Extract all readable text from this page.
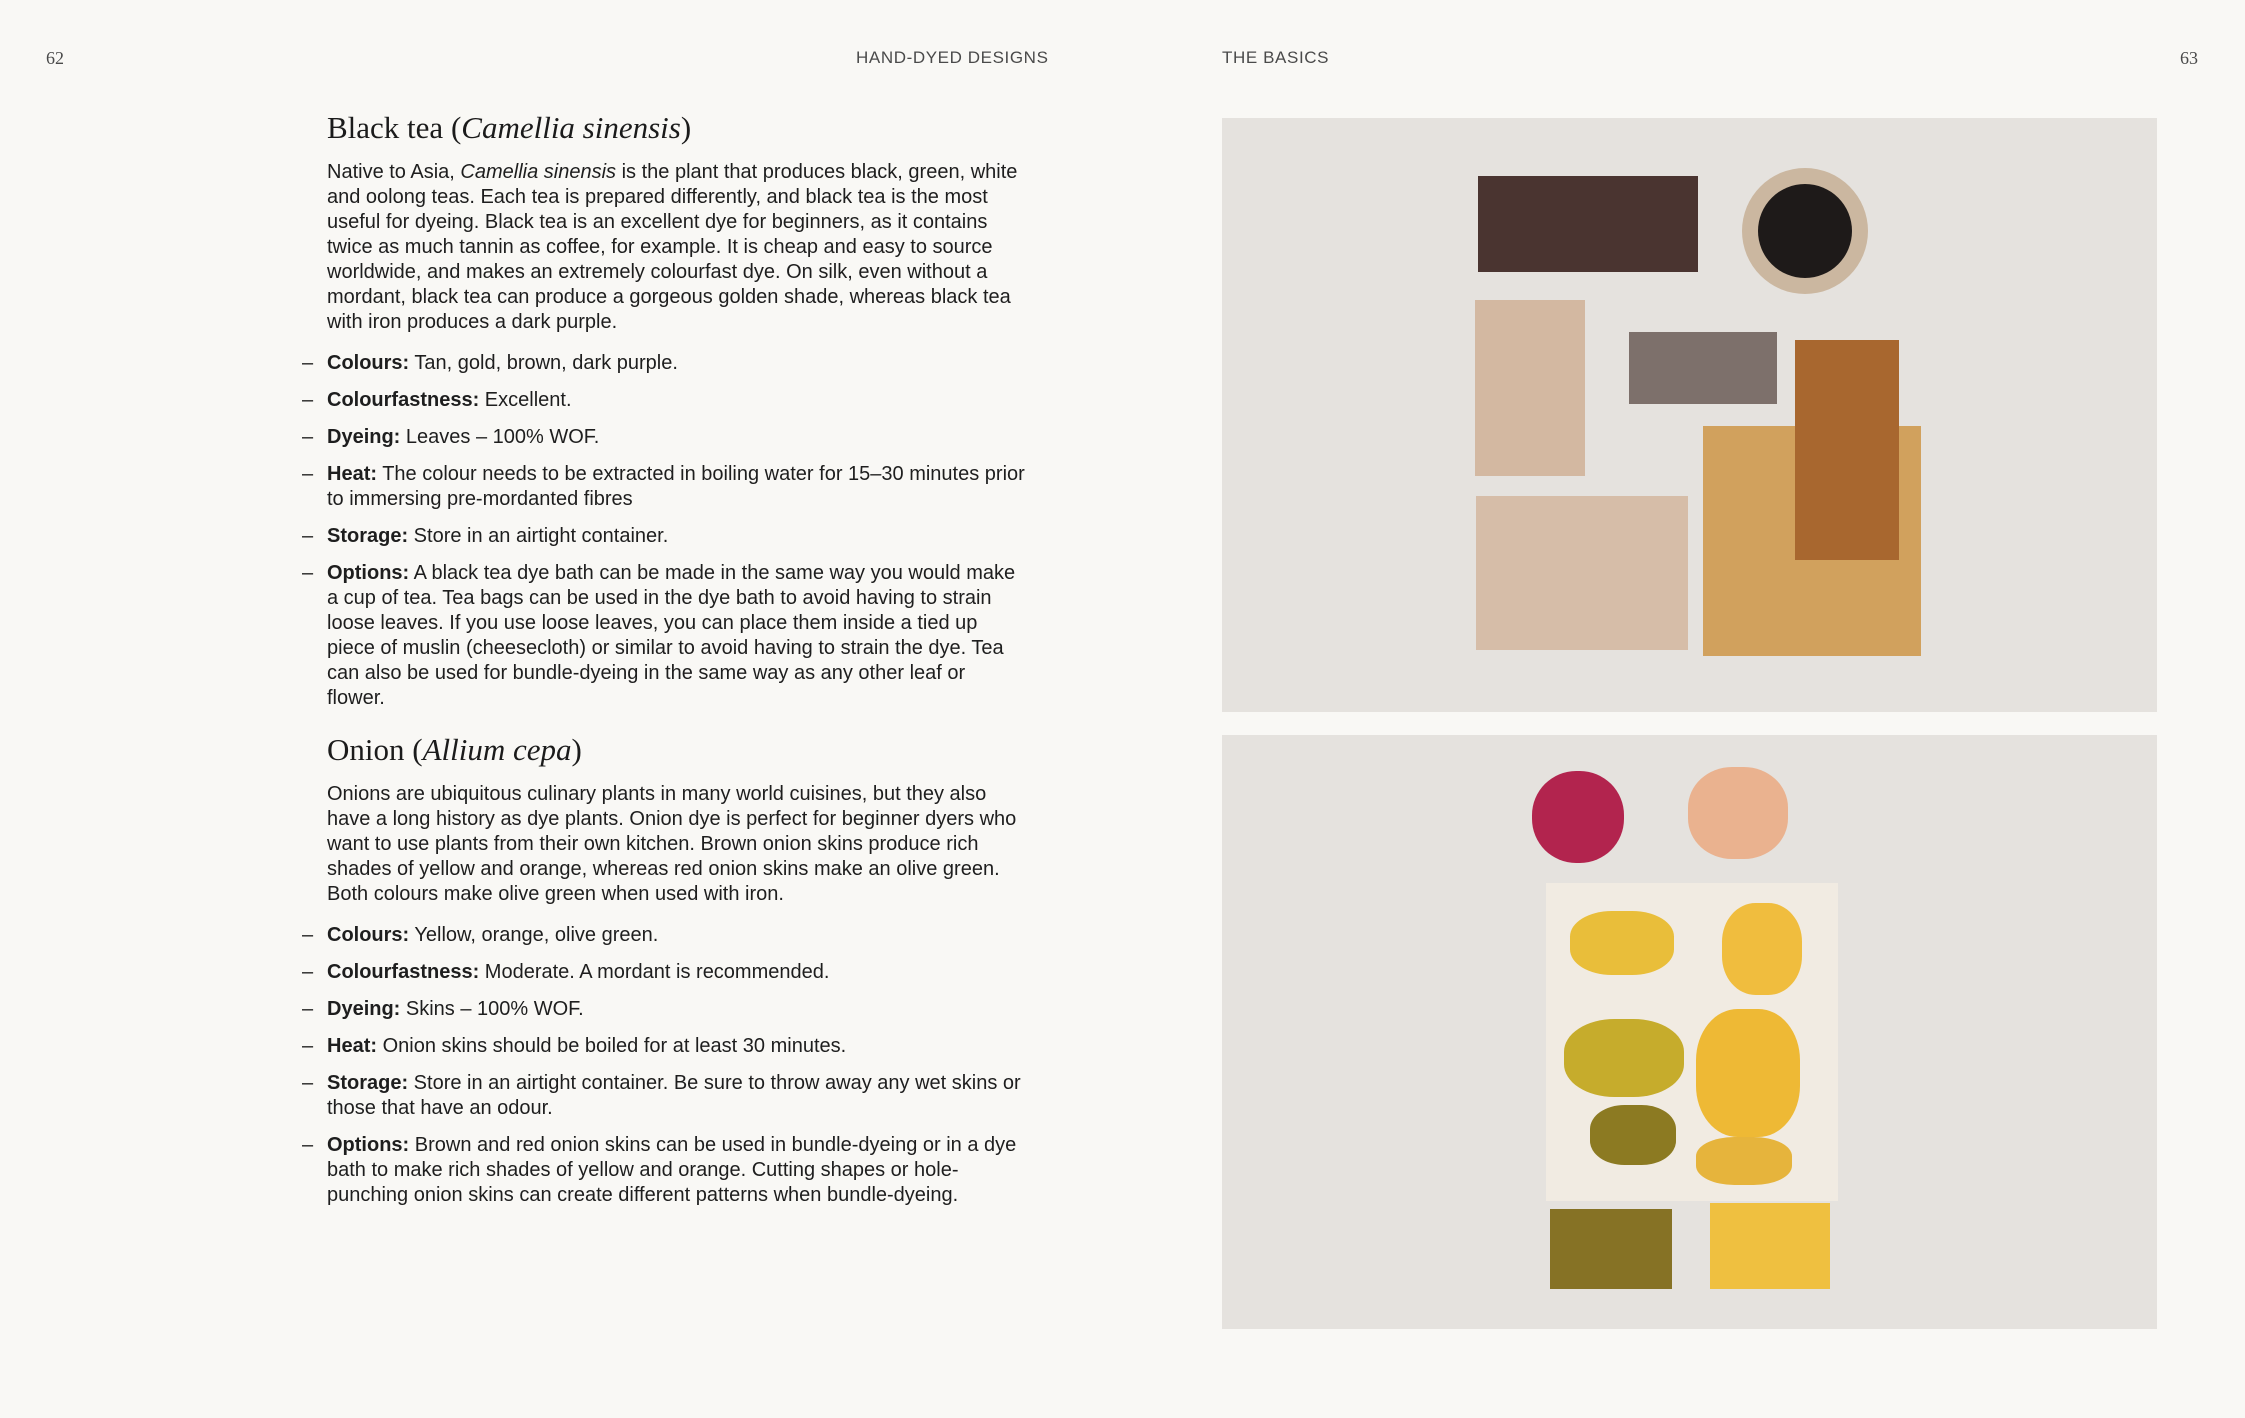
62	HAND-DYED DESIGNS	THE BASICS	63
Black tea (Camellia sinensis)

Native to Asia, Camellia sinensis is the plant that produces black, green, white and oolong teas. Each tea is prepared differently, and black tea is the most useful for dyeing. Black tea is an excellent dye for beginners, as it contains twice as much tannin as coffee, for example. It is cheap and easy to source worldwide, and makes an extremely colourfast dye. On silk, even without a mordant, black tea can produce a gorgeous golden shade, whereas black tea with iron produces a dark purple.

– Colours: Tan, gold, brown, dark purple.
– Colourfastness: Excellent.
– Dyeing: Leaves – 100% WOF.
– Heat: The colour needs to be extracted in boiling water for 15–30 minutes prior to immersing pre-mordanted fibres
– Storage: Store in an airtight container.
– Options: A black tea dye bath can be made in the same way you would make a cup of tea. Tea bags can be used in the dye bath to avoid having to strain loose leaves. If you use loose leaves, you can place them inside a tied up piece of muslin (cheesecloth) or similar to avoid having to strain the dye. Tea can also be used for bundle-dyeing in the same way as any other leaf or flower.
Onion (Allium cepa)

Onions are ubiquitous culinary plants in many world cuisines, but they also have a long history as dye plants. Onion dye is perfect for beginner dyers who want to use plants from their own kitchen. Brown onion skins produce rich shades of yellow and orange, whereas red onion skins make an olive green. Both colours make olive green when used with iron.

– Colours: Yellow, orange, olive green.
– Colourfastness: Moderate. A mordant is recommended.
– Dyeing: Skins – 100% WOF.
– Heat: Onion skins should be boiled for at least 30 minutes.
– Storage: Store in an airtight container. Be sure to throw away any wet skins or those that have an odour.
– Options: Brown and red onion skins can be used in bundle-dyeing or in a dye bath to make rich shades of yellow and orange. Cutting shapes or hole-punching onion skins can create different patterns when bundle-dyeing.
